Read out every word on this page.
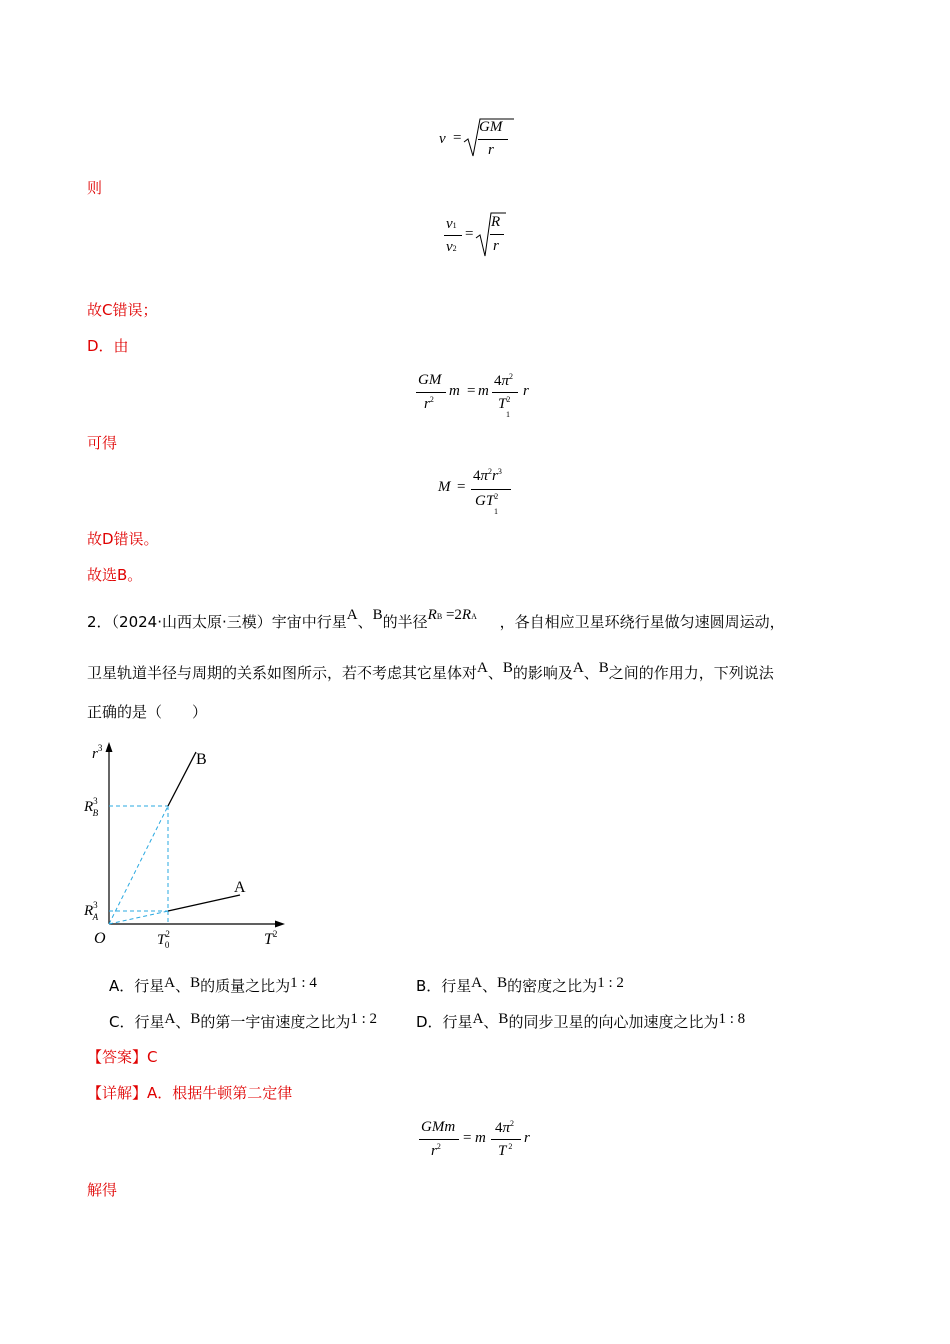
v =
GM
r
则
v1
v2
=
R
r
故C错误；
D．由
GM
$r^2$
m = m
$4\pi^2$
$T^2$
1
r
可得
M =
$4\pi^2r^3$
$GT^2$
1
故D错误。
故选B。
2．（2024·山西太原·三模）宇宙中行星A、B的半径RB =2RA ，各自相应卫星环绕行星做匀速圆周运动，
卫星轨道半径与周期的关系如图所示，若不考虑其它星体对A、B的影响及A、B之间的作用力，下列说法
正确的是（　　）
$r^3$
$T^2$
O
$R^3$ B
$R^3$ A
$T^2$ 0
B
A
A．行星A、B的质量之比为1 : 4	B．行星A、B的密度之比为1 : 2
C．行星A、B的第一宇宙速度之比为1 : 2	D．行星A、B的同步卫星的向心加速度之比为1 : 8
【答案】C
【详解】A．根据牛顿第二定律
GMm
$r^2$
= m
$4\pi^2$
T $^2$
r
解得
